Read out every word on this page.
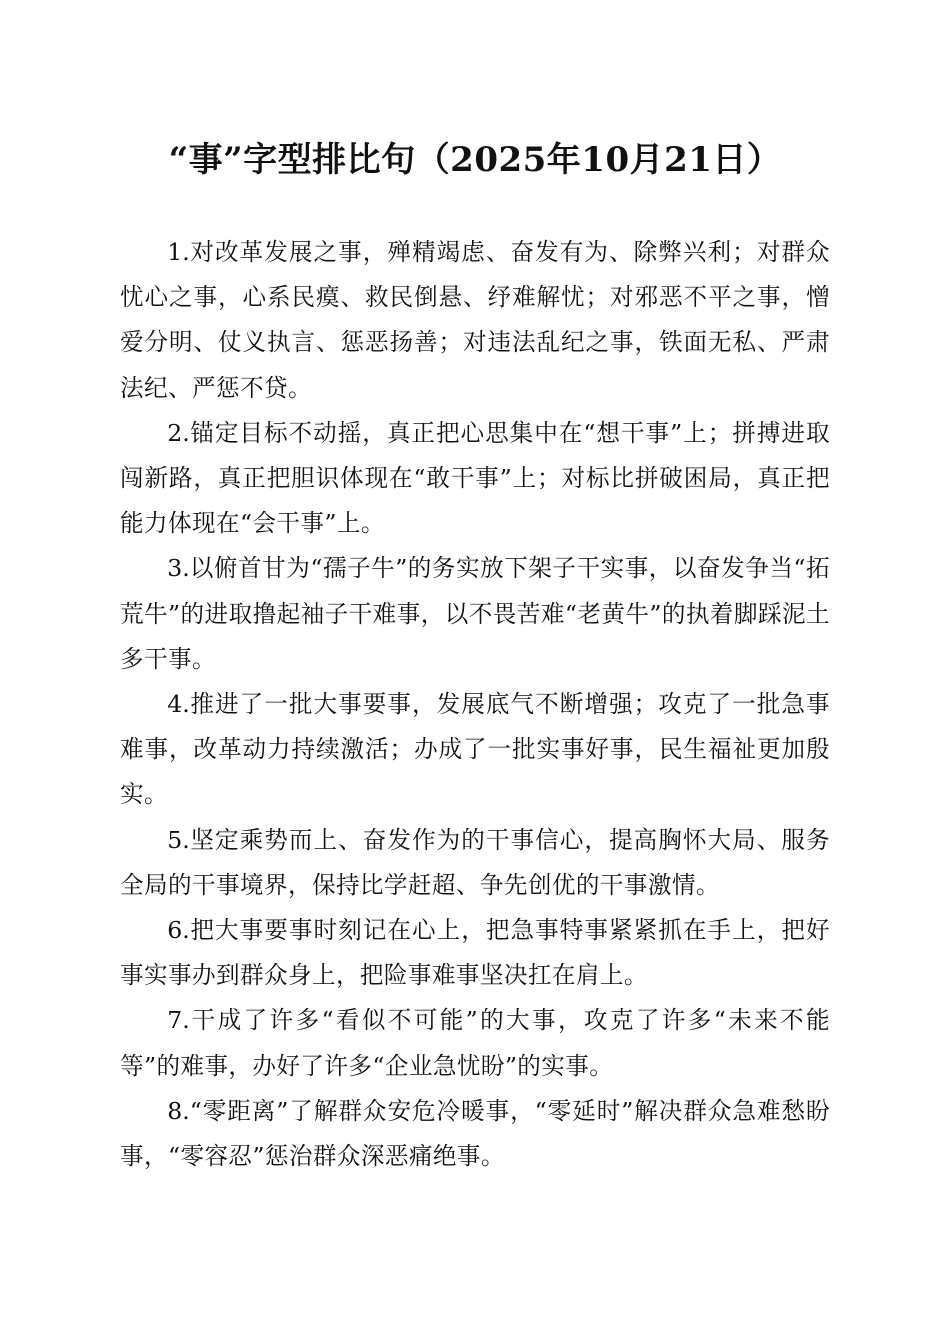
“事”字型排比句（2025年10月21日）

1.对改革发展之事，殚精竭虑、奋发有为、除弊兴利；对群众忧心之事，心系民瘼、救民倒悬、纾难解忧；对邪恶不平之事，憎爱分明、仗义执言、惩恶扬善；对违法乱纪之事，铁面无私、严肃法纪、严惩不贷。

2.锚定目标不动摇，真正把心思集中在“想干事”上；拼搏进取闯新路，真正把胆识体现在“敢干事”上；对标比拼破困局，真正把能力体现在“会干事”上。

3.以俯首甘为“孺子牛”的务实放下架子干实事，以奋发争当“拓荒牛”的进取撸起袖子干难事，以不畏苦难“老黄牛”的执着脚踩泥土多干事。

4.推进了一批大事要事，发展底气不断增强；攻克了一批急事难事，改革动力持续激活；办成了一批实事好事，民生福祉更加殷实。

5.坚定乘势而上、奋发作为的干事信心，提高胸怀大局、服务全局的干事境界，保持比学赶超、争先创优的干事激情。

6.把大事要事时刻记在心上，把急事特事紧紧抓在手上，把好事实事办到群众身上，把险事难事坚决扛在肩上。

7.干成了许多“看似不可能”的大事，攻克了许多“未来不能等”的难事，办好了许多“企业急忧盼”的实事。

8.“零距离”了解群众安危冷暖事，“零延时”解决群众急难愁盼事，“零容忍”惩治群众深恶痛绝事。
